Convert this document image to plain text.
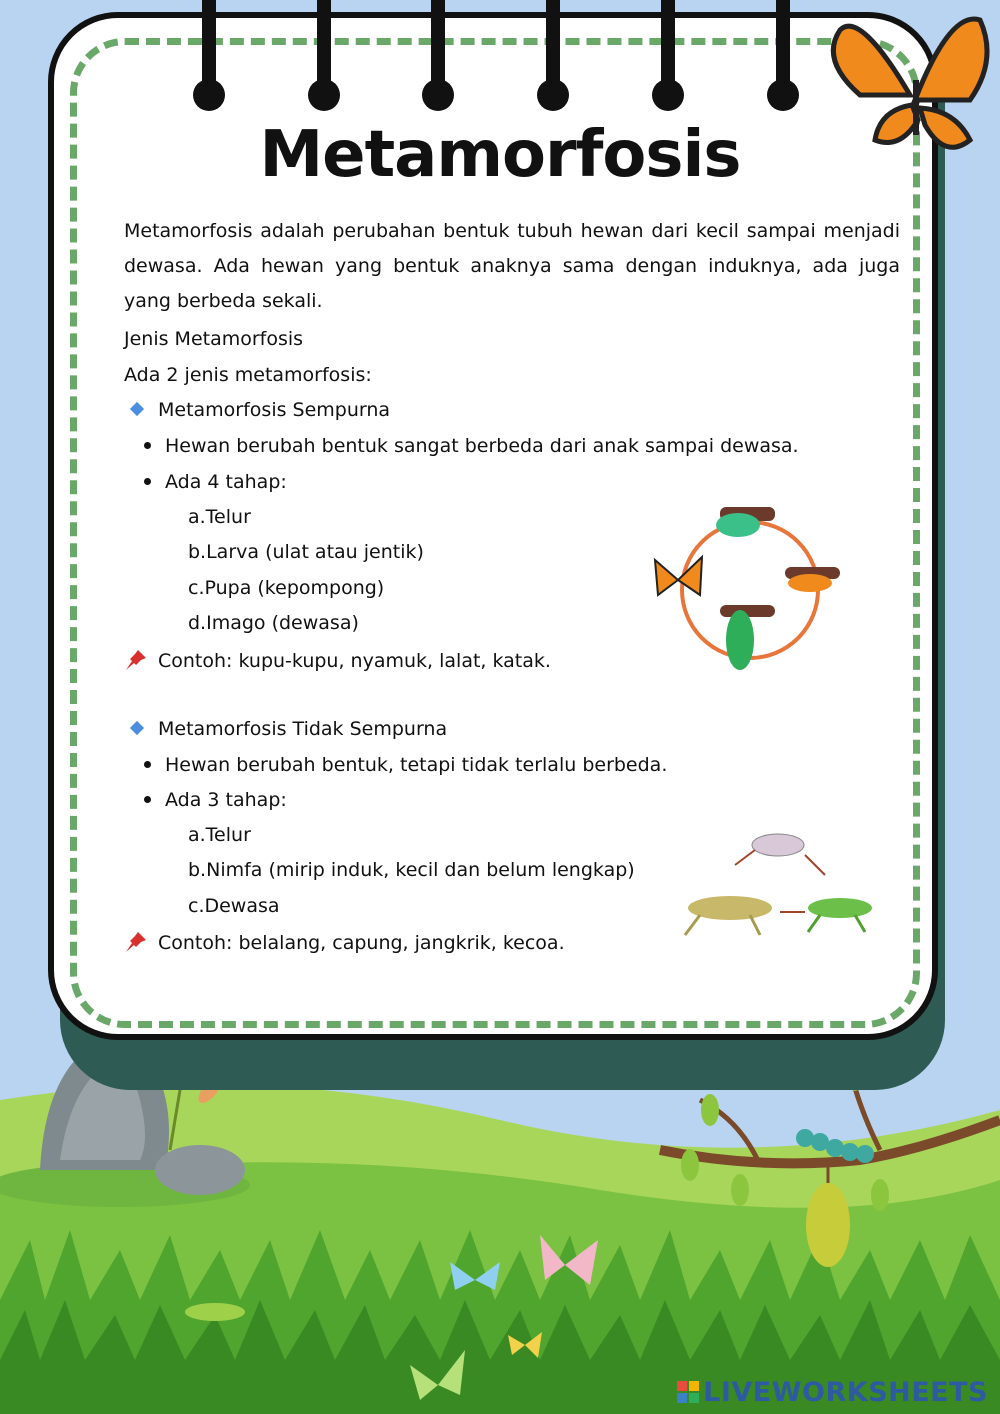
Metamorfosis

Metamorfosis adalah perubahan bentuk tubuh hewan dari kecil sampai menjadi dewasa. Ada hewan yang bentuk anaknya sama dengan induknya, ada juga yang berbeda sekali.

Jenis Metamorfosis
Ada 2 jenis metamorfosis:
Metamorfosis Sempurna
Hewan berubah bentuk sangat berbeda dari anak sampai dewasa.
Ada 4 tahap:
a.Telur
b.Larva (ulat atau jentik)
c.Pupa (kepompong)
d.Imago (dewasa)
Contoh: kupu-kupu, nyamuk, lalat, katak.
Metamorfosis Tidak Sempurna
Hewan berubah bentuk, tetapi tidak terlalu berbeda.
Ada 3 tahap:
a.Telur
b.Nimfa (mirip induk, kecil dan belum lengkap)
c.Dewasa
Contoh: belalang, capung, jangkrik, kecoa.
LIVEWORKSHEETS
